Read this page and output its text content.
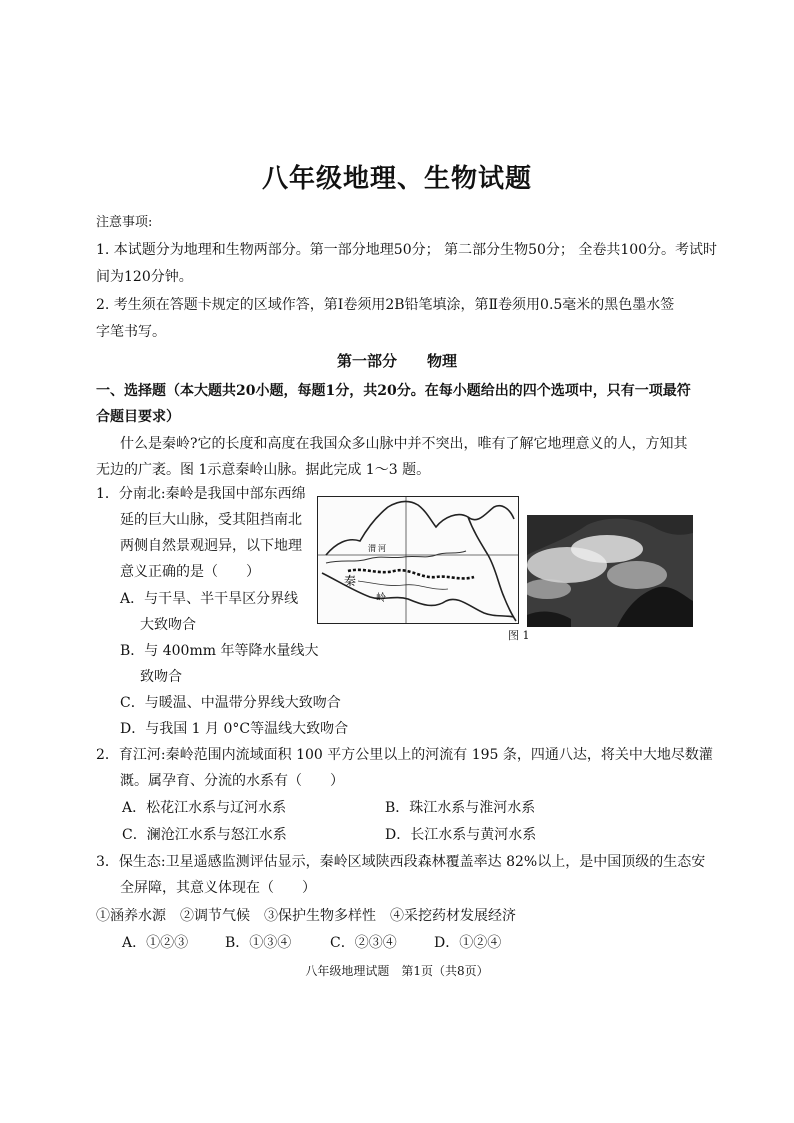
八年级地理、生物试题
注意事项:
1. 本试题分为地理和生物两部分。第一部分地理50分； 第二部分生物50分； 全卷共100分。考试时
间为120分钟。
2. 考生须在答题卡规定的区域作答，第Ⅰ卷须用2B铅笔填涂，第Ⅱ卷须用0.5毫米的黑色墨水签
字笔书写。
第一部分 物理
一、选择题（本大题共20小题，每题1分，共20分。在每小题给出的四个选项中，只有一项最符
合题目要求）
什么是秦岭?它的长度和高度在我国众多山脉中并不突出，唯有了解它地理意义的人，方知其
无边的广袤。图 1示意秦岭山脉。据此完成 1～3 题。
1．分南北:秦岭是我国中部东西绵
延的巨大山脉，受其阻挡南北
两侧自然景观迥异，以下地理
意义正确的是（　　）
A．与干旱、半干旱区分界线
大致吻合
B．与 400mm 年等降水量线大
致吻合
C．与暖温、中温带分界线大致吻合
D．与我国 1 月 0°C等温线大致吻合
秦
岭
渭 河
图 1
2．育江河:秦岭范围内流域面积 100 平方公里以上的河流有 195 条，四通八达，将关中大地尽数灌
溉。属孕育、分流的水系有（　　）
A．松花江水系与辽河水系	B．珠江水系与淮河水系
C．澜沧江水系与怒江水系	D．长江水系与黄河水系
3．保生态:卫星遥感监测评估显示，秦岭区域陕西段森林覆盖率达 82%以上，是中国顶级的生态安
全屏障，其意义体现在（　　）
①涵养水源　②调节气候　③保护生物多样性　④采挖药材发展经济
A．①②③	B．①③④	C．②③④	D．①②④
八年级地理试题　第1页（共8页）
